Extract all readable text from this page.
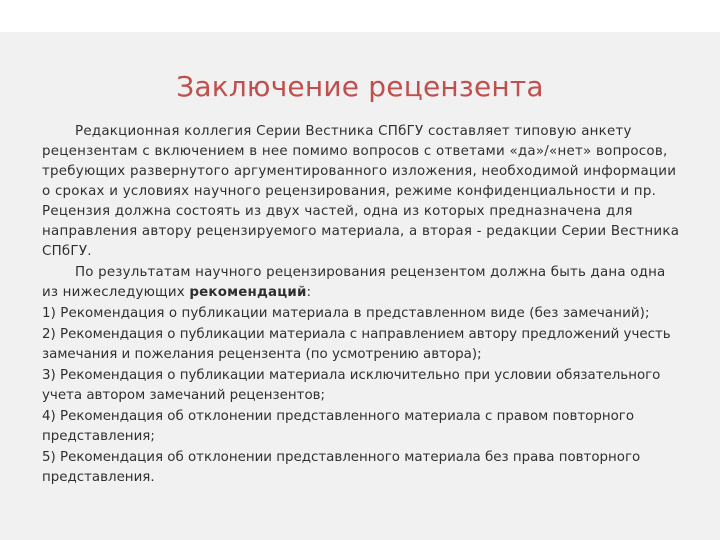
Заключение рецензента

Редакционная коллегия Серии Вестника СПбГУ составляет типовую анкету рецензентам с включением в нее помимо вопросов с ответами «да»/«нет» вопросов, требующих развернутого аргументированного изложения, необходимой информации о сроках и условиях научного рецензирования, режиме конфиденциальности и пр. Рецензия должна состоять из двух частей, одна из которых предназначена для направления автору рецензируемого материала, а вторая - редакции Серии Вестника СПбГУ.

По результатам научного рецензирования рецензентом должна быть дана одна из нижеследующих рекомендаций:

1) Рекомендация о публикации материала в представленном виде (без замечаний);

2) Рекомендация о публикации материала с направлением автору предложений учесть замечания и пожелания рецензента (по усмотрению автора);

3) Рекомендация о публикации материала исключительно при условии обязательного учета автором замечаний рецензентов;

4) Рекомендация об отклонении представленного материала с правом повторного представления;

5) Рекомендация об отклонении представленного материала без права повторного представления.
